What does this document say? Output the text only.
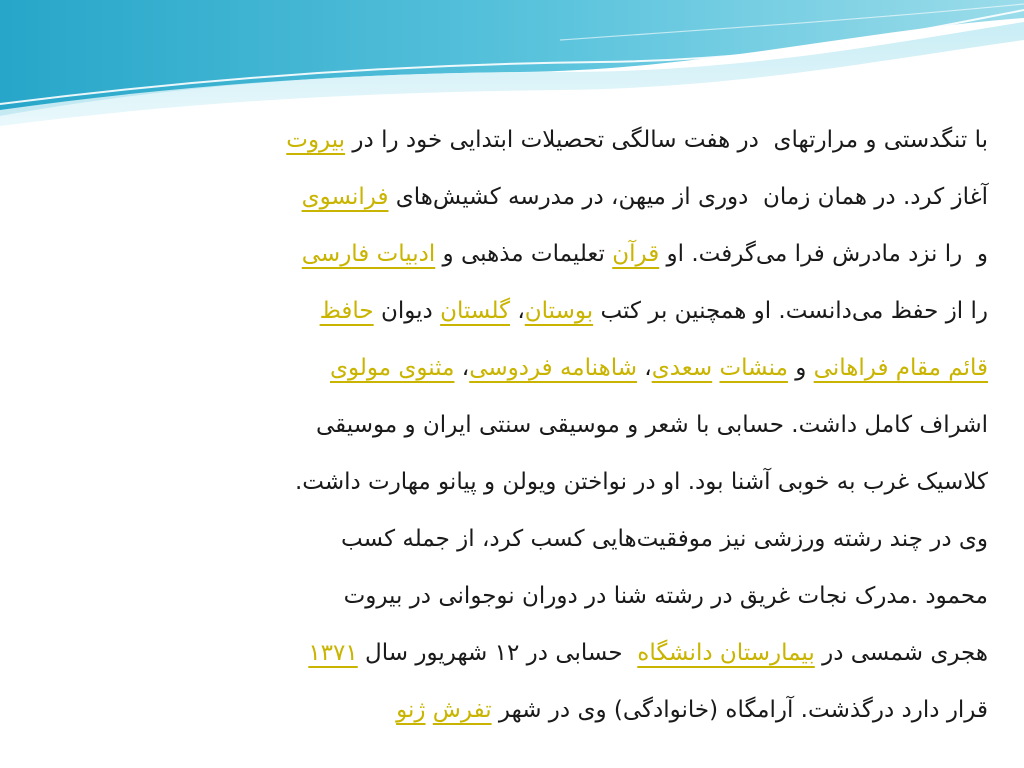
با تنگدستی و مرارتهای  در هفت سالگی تحصیلات ابتدایی خود را در بیروت
آغاز کرد. در همان زمان  دوری از میهن، در مدرسه کشیش‌های فرانسوی
و  را نزد مادرش فرا می‌گرفت. او قرآن تعلیمات مذهبی و ادبیات فارسی
را از حفظ می‌دانست. او همچنین بر کتب بوستان، گلستان دیوان حافظ
قائم مقام فراهانی و منشات سعدی، شاهنامه فردوسی، مثنوی مولوی
اشراف کامل داشت. حسابی با شعر و موسیقی سنتی ایران و موسیقی
کلاسیک غرب به خوبی آشنا بود. او در نواختن ویولن و پیانو مهارت داشت.
وی در چند رشته ورزشی نیز موفقیت‌هایی کسب کرد، از جمله کسب
محمود .مدرک نجات غریق در رشته شنا در دوران نوجوانی در بیروت
هجری شمسی در بیمارستان دانشگاه  حسابی در ۱۲ شهریور سال ۱۳۷۱
قرار دارد درگذشت. آرامگاه (خانوادگی) وی در شهر تفرش ژنو
